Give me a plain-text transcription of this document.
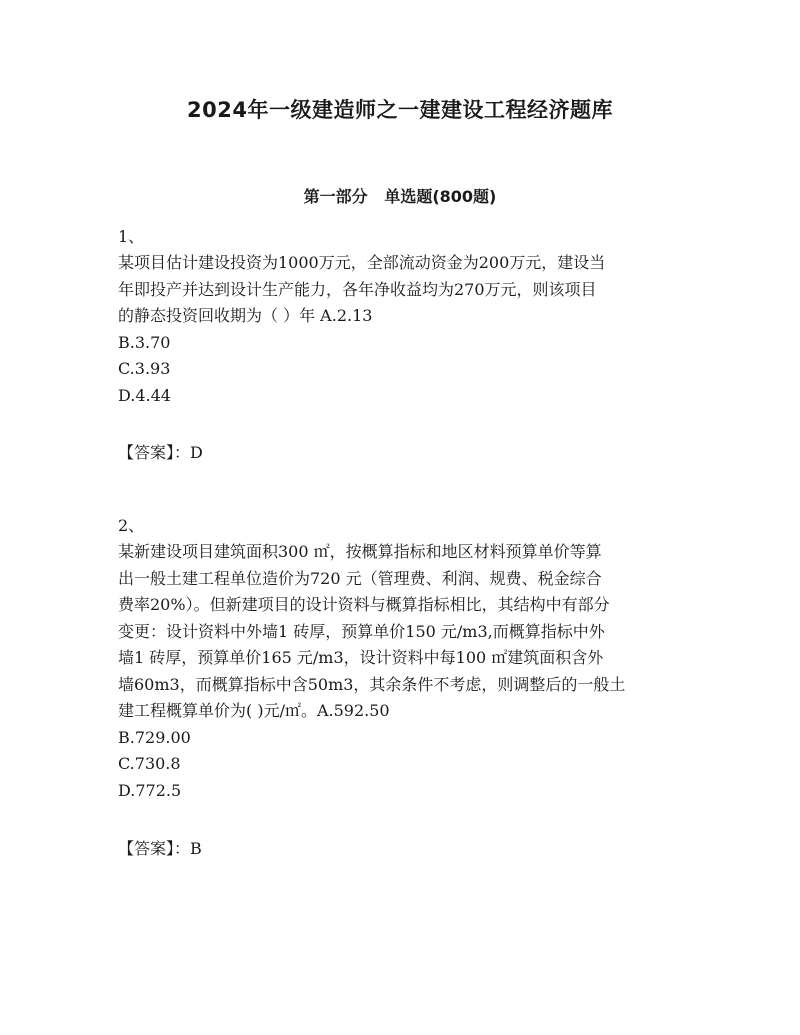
2024年一级建造师之一建建设工程经济题库
第一部分   单选题(800题)
1、
某项目估计建设投资为1000万元，全部流动资金为200万元，建设当
年即投产并达到设计生产能力，各年净收益均为270万元，则该项目
的静态投资回收期为（ ）年 A.2.13
B.3.70
C.3.93
D.4.44
【答案】：D
2、
某新建设项目建筑面积300 ㎡，按概算指标和地区材料预算单价等算
出一般土建工程单位造价为720 元（管理费、利润、规费、税金综合
费率20%）。但新建项目的设计资料与概算指标相比，其结构中有部分
变更：设计资料中外墙1 砖厚，预算单价150 元/m3,而概算指标中外
墙1 砖厚，预算单价165 元/m3，设计资料中每100 ㎡建筑面积含外
墙60m3，而概算指标中含50m3，其余条件不考虑，则调整后的一般土
建工程概算单价为( )元/㎡。A.592.50
B.729.00
C.730.8
D.772.5
【答案】：B
